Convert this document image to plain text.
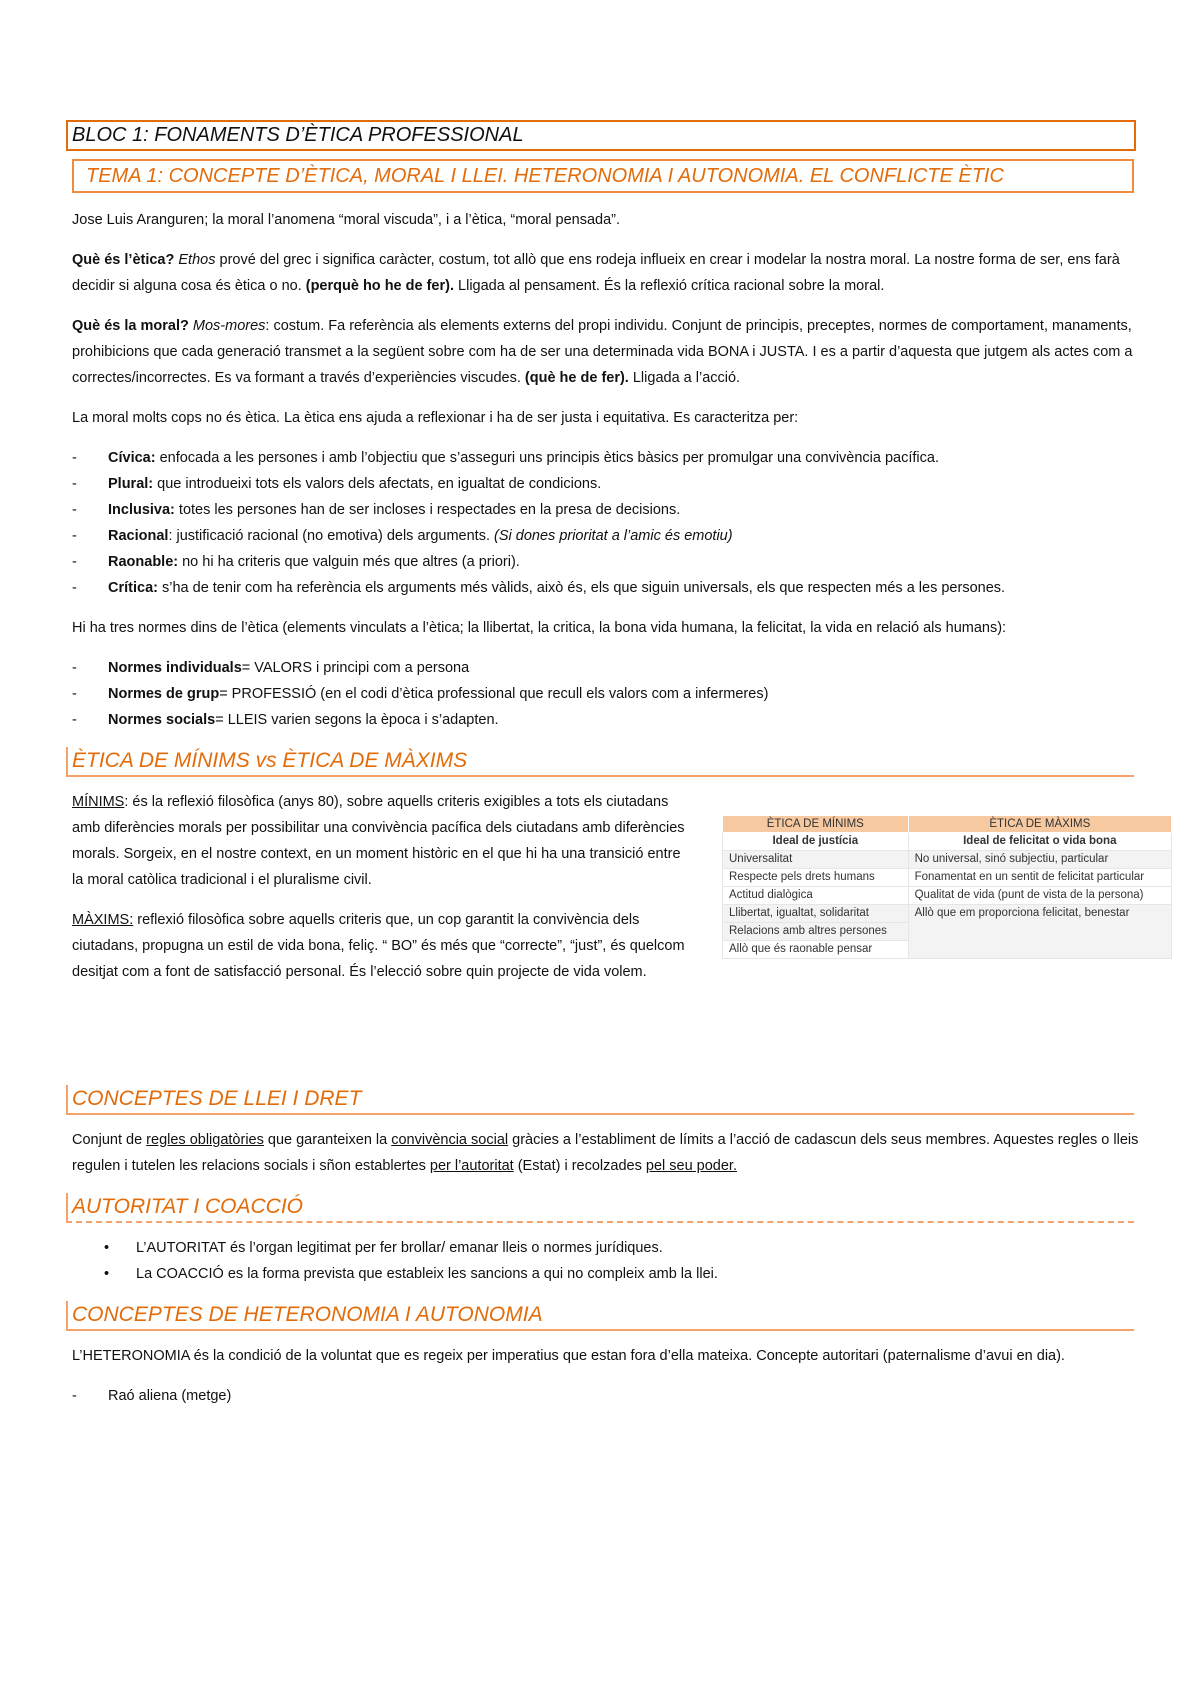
BLOC 1: FONAMENTS D’ÈTICA PROFESSIONAL
TEMA 1: CONCEPTE D’ÈTICA, MORAL I LLEI. HETERONOMIA I AUTONOMIA. EL CONFLICTE ÈTIC

Jose Luis Aranguren; la moral l’anomena “moral viscuda”, i a l’ètica, “moral pensada”.

Què és l’ètica? Ethos prové del grec i significa caràcter, costum, tot allò que ens rodeja influeix en crear i modelar la nostra moral. La nostre forma de ser, ens farà decidir si alguna cosa és ètica o no. (perquè ho he de fer). Lligada al pensament. És la reflexió crítica racional sobre la moral.

Què és la moral? Mos-mores: costum. Fa referència als elements externs del propi individu. Conjunt de principis, preceptes, normes de comportament, manaments, prohibicions que cada generació transmet a la següent sobre com ha de ser una determinada vida BONA i JUSTA. I es a partir d’aquesta que jutgem als actes com a correctes/incorrectes. Es va formant a través d’experiències viscudes. (què he de fer). Lligada a l’acció.

La moral molts cops no és ètica. La ètica ens ajuda a reflexionar i ha de ser justa i equitativa. Es caracteritza per:

- Cívica: enfocada a les persones i amb l’objectiu que s’asseguri uns principis ètics bàsics per promulgar una convivència pacífica.
- Plural: que introdueixi tots els valors dels afectats, en igualtat de condicions.
- Inclusiva: totes les persones han de ser incloses i respectades en la presa de decisions.
- Racional: justificació racional (no emotiva) dels arguments. (Si dones prioritat a l’amic és emotiu)
- Raonable: no hi ha criteris que valguin més que altres (a priori).
- Crítica: s’ha de tenir com ha referència els arguments més vàlids, això és, els que siguin universals, els que respecten més a les persones.

Hi ha tres normes dins de l’ètica (elements vinculats a l’ètica; la llibertat, la critica, la bona vida humana, la felicitat, la vida en relació als humans):

- Normes individuals= VALORS i principi com a persona
- Normes de grup= PROFESSIÓ (en el codi d’ètica professional que recull els valors com a infermeres)
- Normes socials= LLEIS varien segons la època i s’adapten.
ÈTICA DE MÍNIMS vs ÈTICA DE MÀXIMS

MÍNIMS: és la reflexió filosòfica (anys 80), sobre aquells criteris exigibles a tots els ciutadans amb diferències morals per possibilitar una convivència pacífica dels ciutadans amb diferències morals. Sorgeix, en el nostre context, en un moment històric en el que hi ha una transició entre la moral catòlica tradicional i el pluralisme civil.

MÀXIMS: reflexió filosòfica sobre aquells criteris que, un cop garantit la convivència dels ciutadans, propugna un estil de vida bona, feliç. “ BO” és més que “correcte”, “just”, és quelcom desitjat com a font de satisfacció personal. És l’elecció sobre quin projecte de vida volem.

ÈTICA DE MÍNIMS	ÈTICA DE MÀXIMS
Ideal de justícia	Ideal de felicitat o vida bona
Universalitat	No universal, sinó subjectiu, particular
Respecte pels drets humans	Fonamentat en un sentit de felicitat particular
Actitud dialògica	Qualitat de vida (punt de vista de la persona)
Llibertat, igualtat, solidaritat	Allò que em proporciona felicitat, benestar
Relacions amb altres persones	
Allò que és raonable pensar	
CONCEPTES DE LLEI I DRET

Conjunt de regles obligatòries que garanteixen la convivència social gràcies a l’establiment de límits a l’acció de cadascun dels seus membres. Aquestes regles o lleis regulen i tutelen les relacions socials i sñon establertes per l’autoritat (Estat) i recolzades pel seu poder.

AUTORITAT I COACCIÓ
• L’AUTORITAT és l’organ legitimat per fer brollar/ emanar lleis o normes jurídiques.
• La COACCIÓ es la forma prevista que estableix les sancions a qui no compleix amb la llei.
CONCEPTES DE HETERONOMIA I AUTONOMIA

L’HETERONOMIA és la condició de la voluntat que es regeix per imperatius que estan fora d’ella mateixa. Concepte autoritari (paternalisme d’avui en dia).

- Raó aliena (metge)
